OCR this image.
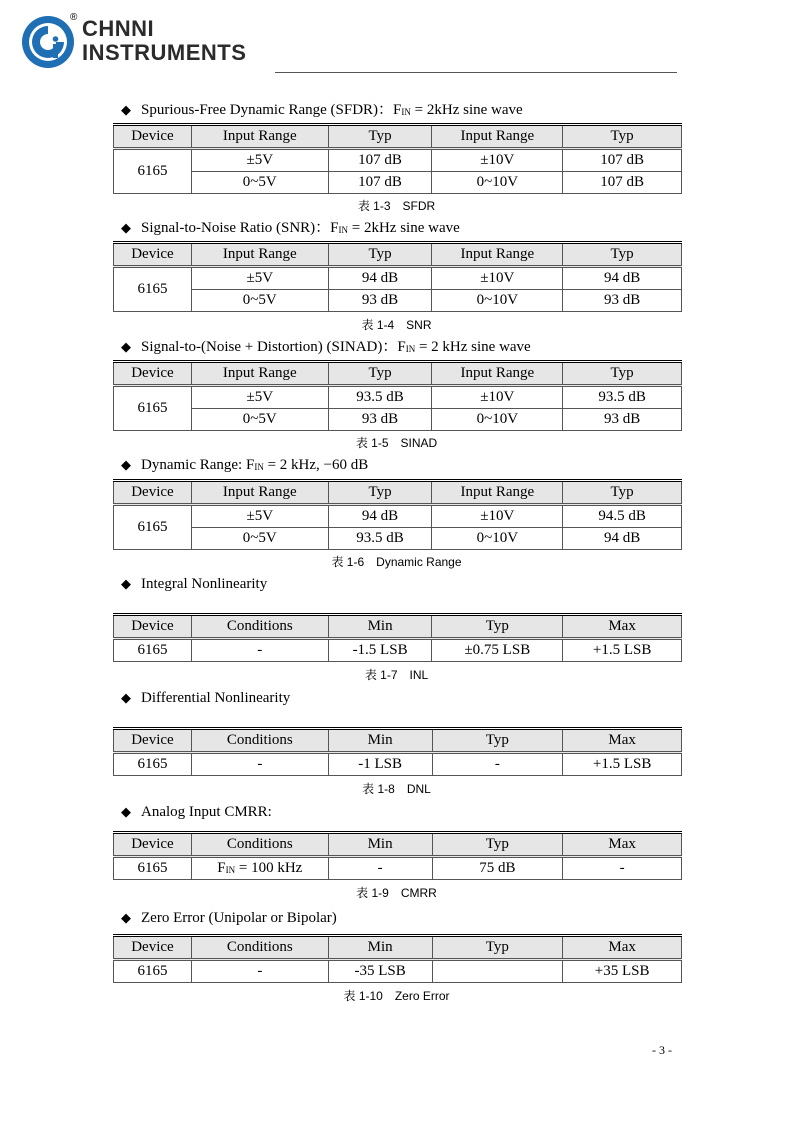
® CHNNI
INSTRUMENTS
◆ Spurious-Free Dynamic Range (SFDR)：$F_{IN} = 2kHz$ sine wave
Device	Input Range	Typ	Input Range	Typ
6165	±5V	107 dB	±10V	107 dB
	0~5V	107 dB	0~10V	107 dB
表 1-3　SFDR
◆ Signal-to-Noise Ratio (SNR)：$F_{IN} = 2kHz$ sine wave
Device	Input Range	Typ	Input Range	Typ
6165	±5V	94 dB	±10V	94 dB
	0~5V	93 dB	0~10V	93 dB
表 1-4　SNR
◆ Signal-to-(Noise + Distortion) (SINAD)：$F_{IN} = 2$ kHz sine wave
Device	Input Range	Typ	Input Range	Typ
6165	±5V	93.5 dB	±10V	93.5 dB
	0~5V	93 dB	0~10V	93 dB
表 1-5　SINAD
◆ Dynamic Range: $F_{IN} = 2$ kHz, −60 dB
Device	Input Range	Typ	Input Range	Typ
6165	±5V	94 dB	±10V	94.5 dB
	0~5V	93.5 dB	0~10V	94 dB
表 1-6　Dynamic Range
◆ Integral Nonlinearity
Device	Conditions	Min	Typ	Max
6165	-	-1.5 LSB	±0.75 LSB	+1.5 LSB
表 1-7　INL
◆ Differential Nonlinearity
Device	Conditions	Min	Typ	Max
6165	-	-1 LSB	-	+1.5 LSB
表 1-8　DNL
◆ Analog Input CMRR:
Device	Conditions	Min	Typ	Max
6165	$F_{IN} = 100$ kHz	-	75 dB	-
表 1-9　CMRR
◆ Zero Error (Unipolar or Bipolar)
Device	Conditions	Min	Typ	Max
6165	-	-35 LSB		+35 LSB
表 1-10　Zero Error
- 3 -
